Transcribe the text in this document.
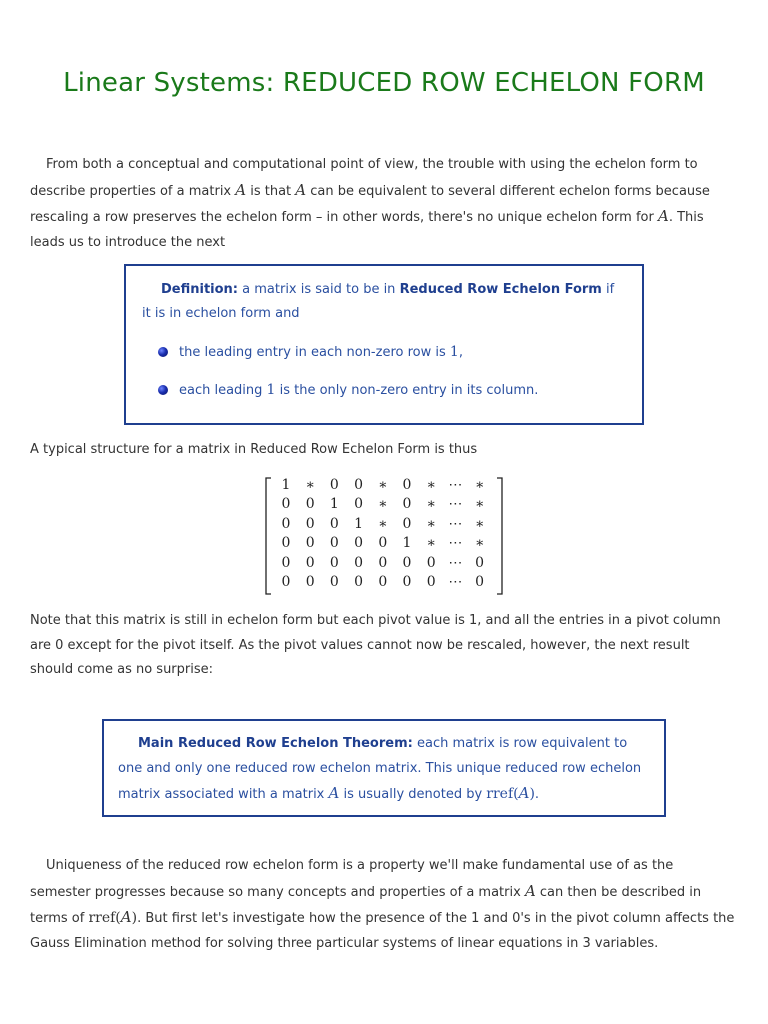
Linear Systems: REDUCED ROW ECHELON FORM

From both a conceptual and computational point of view, the trouble with using the echelon form to describe properties of a matrix A is that A can be equivalent to several different echelon forms because rescaling a row preserves the echelon form – in other words, there's no unique echelon form for A. This leads us to introduce the next

Definition: a matrix is said to be in Reduced Row Echelon Form if it is in echelon form and

the leading entry in each non-zero row is 1,

each leading 1 is the only non-zero entry in its column.

A typical structure for a matrix in Reduced Row Echelon Form is thus

1	∗	0	0	∗	0	∗ ⋯ ∗
0	0	1	0	∗	0	∗ ⋯ ∗
0	0	0	1	∗	0	∗ ⋯ ∗
0	0	0	0	0	1	∗ ⋯ ∗
0	0	0	0	0	0	0 ⋯ 0
0	0	0	0	0	0	0 ⋯ 0

Note that this matrix is still in echelon form but each pivot value is 1, and all the entries in a pivot column are 0 except for the pivot itself. As the pivot values cannot now be rescaled, however, the next result should come as no surprise:

Main Reduced Row Echelon Theorem: each matrix is row equivalent to one and only one reduced row echelon matrix. This unique reduced row echelon matrix associated with a matrix A is usually denoted by rref(A).

Uniqueness of the reduced row echelon form is a property we'll make fundamental use of as the semester progresses because so many concepts and properties of a matrix A can then be described in terms of rref(A). But first let's investigate how the presence of the 1 and 0's in the pivot column affects the Gauss Elimination method for solving three particular systems of linear equations in 3 variables.
